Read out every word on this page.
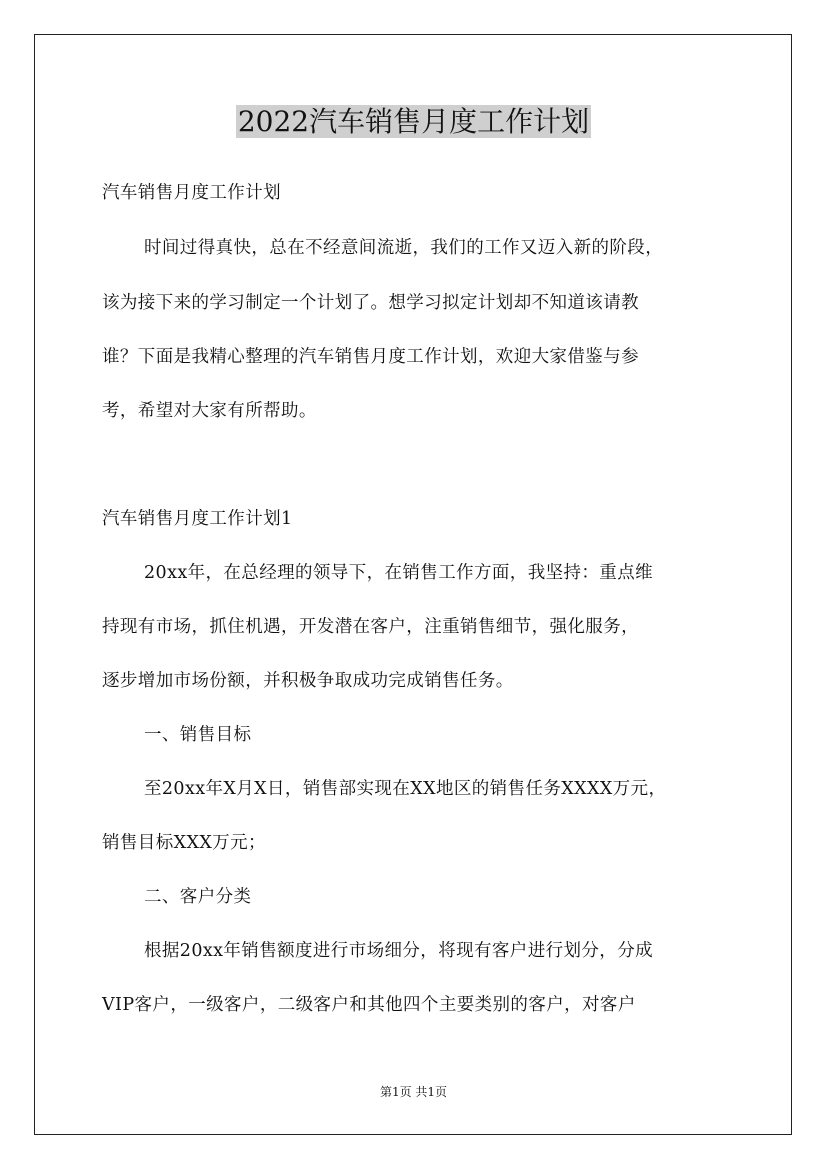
2022汽车销售月度工作计划
汽车销售月度工作计划
时间过得真快，总在不经意间流逝，我们的工作又迈入新的阶段，
该为接下来的学习制定一个计划了。想学习拟定计划却不知道该请教
谁？下面是我精心整理的汽车销售月度工作计划，欢迎大家借鉴与参
考，希望对大家有所帮助。
汽车销售月度工作计划1
20xx年，在总经理的领导下，在销售工作方面，我坚持：重点维
持现有市场，抓住机遇，开发潜在客户，注重销售细节，强化服务，
逐步增加市场份额，并积极争取成功完成销售任务。
一、销售目标
至20xx年X月X日，销售部实现在XX地区的销售任务XXXX万元，
销售目标XXX万元；
二、客户分类
根据20xx年销售额度进行市场细分，将现有客户进行划分，分成
VIP客户，一级客户，二级客户和其他四个主要类别的客户，对客户
第1页 共1页
